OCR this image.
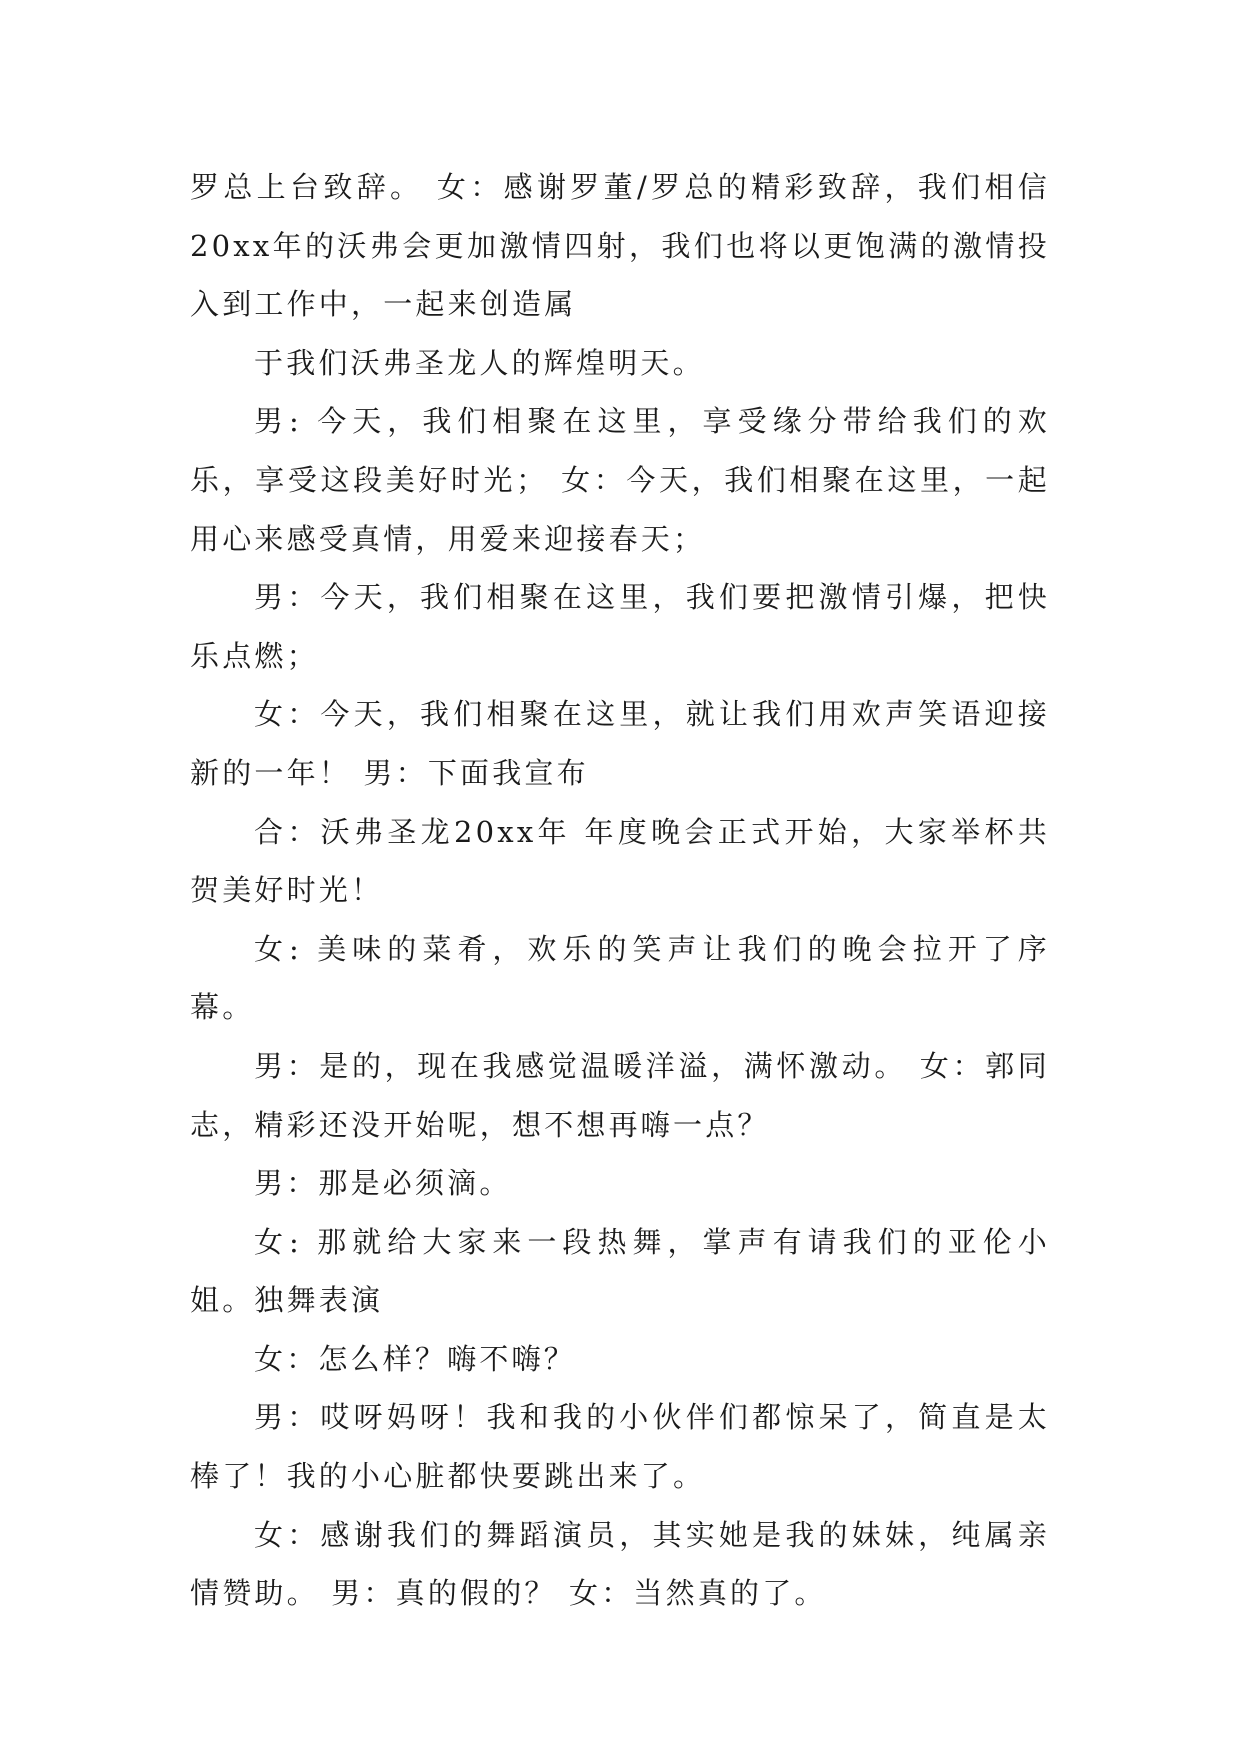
罗总上台致辞。 女：感谢罗董/罗总的精彩致辞，我们相信20xx年的沃弗会更加激情四射，我们也将以更饱满的激情投入到工作中，一起来创造属

于我们沃弗圣龙人的辉煌明天。

男: 今天，我们相聚在这里，享受缘分带给我们的欢乐，享受这段美好时光； 女：今天，我们相聚在这里，一起用心来感受真情，用爱来迎接春天；

男：今天，我们相聚在这里，我们要把激情引爆，把快乐点燃；

女：今天，我们相聚在这里，就让我们用欢声笑语迎接新的一年！ 男：下面我宣布

合：沃弗圣龙20xx年 年度晚会正式开始，大家举杯共贺美好时光！

女: 美味的菜肴，欢乐的笑声让我们的晚会拉开了序幕。

男：是的，现在我感觉温暖洋溢，满怀激动。 女：郭同志，精彩还没开始呢，想不想再嗨一点？

男：那是必须滴。

女: 那就给大家来一段热舞，掌声有请我们的亚伦小姐。独舞表演

女：怎么样？嗨不嗨？

男：哎呀妈呀！我和我的小伙伴们都惊呆了，简直是太棒了！我的小心脏都快要跳出来了。

女：感谢我们的舞蹈演员，其实她是我的妹妹，纯属亲情赞助。 男：真的假的？ 女：当然真的了。
